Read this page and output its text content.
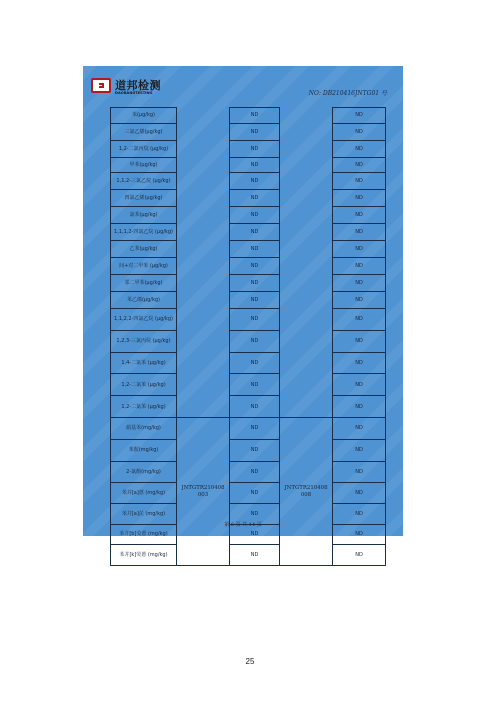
道邦检测
DAOBANGTESTING	NO: DB210416JNTG01 号
苯(μg/kg)		ND		ND
三氯乙烯(μg/kg)		ND		ND
1,2-二氯丙烷 (μg/kg)		ND		ND
甲苯(μg/kg)		ND		ND
1,1,2-三氯乙烷 (μg/kg)		ND		ND
四氯乙烯(μg/kg)		ND		ND
氯苯(μg/kg)		ND		ND
1,1,1,2-四氯乙烷 (μg/kg)		ND		ND
乙苯(μg/kg)		ND		ND
间+对二甲苯 (μg/kg)		ND		ND
邻二甲苯(μg/kg)		ND		ND
苯乙烯(μg/kg)		ND		ND
1,1,2,2-四氯乙烷 (μg/kg)		ND		ND
1,2,3-三氯丙烷 (μg/kg)		ND		ND
1,4-二氯苯 (μg/kg)		ND		ND
1,2-二氯苯 (μg/kg)		ND		ND
1,2-二氯苯 (μg/kg)		ND		ND
硝基苯(mg/kg)	JNTGTR210408 003	ND	JNTGTR210408 008	ND
苯胺(mg/kg)		ND		ND
2-氯酚(mg/kg)		ND		ND
苯并[a]蒽 (mg/kg)		ND		ND
苯并[a]芘 (mg/kg)		ND		ND
苯并[b]荧蒽 (mg/kg)		ND		ND
苯并[k]荧蒽 (mg/kg)		ND		ND
第 6 页 共 14 页
25
